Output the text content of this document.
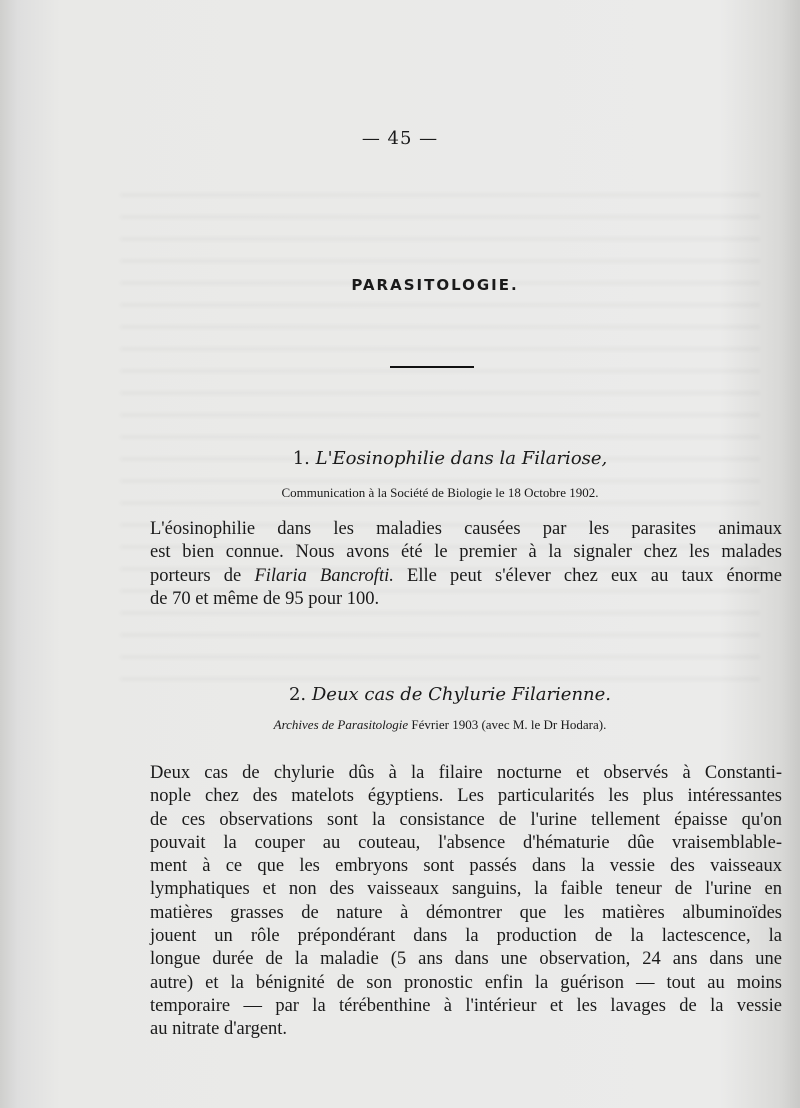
— 45 —
PARASITOLOGIE.
1. L'Eosinophilie dans la Filariose,
Communication à la Société de Biologie le 18 Octobre 1902.
L'éosinophilie dans les maladies causées par les parasites animaux
est bien connue. Nous avons été le premier à la signaler chez les malades
porteurs de Filaria Bancrofti. Elle peut s'élever chez eux au taux énorme
de 70 et même de 95 pour 100.
2. Deux cas de Chylurie Filarienne.
Archives de Parasitologie Février 1903 (avec M. le Dr Hodara).
Deux cas de chylurie dûs à la filaire nocturne et observés à Constanti-
nople chez des matelots égyptiens. Les particularités les plus intéressantes
de ces observations sont la consistance de l'urine tellement épaisse qu'on
pouvait la couper au couteau, l'absence d'hématurie dûe vraisemblable-
ment à ce que les embryons sont passés dans la vessie des vaisseaux
lymphatiques et non des vaisseaux sanguins, la faible teneur de l'urine en
matières grasses de nature à démontrer que les matières albuminoïdes
jouent un rôle prépondérant dans la production de la lactescence, la
longue durée de la maladie (5 ans dans une observation, 24 ans dans une
autre) et la bénignité de son pronostic enfin la guérison — tout au moins
temporaire — par la térébenthine à l'intérieur et les lavages de la vessie
au nitrate d'argent.
